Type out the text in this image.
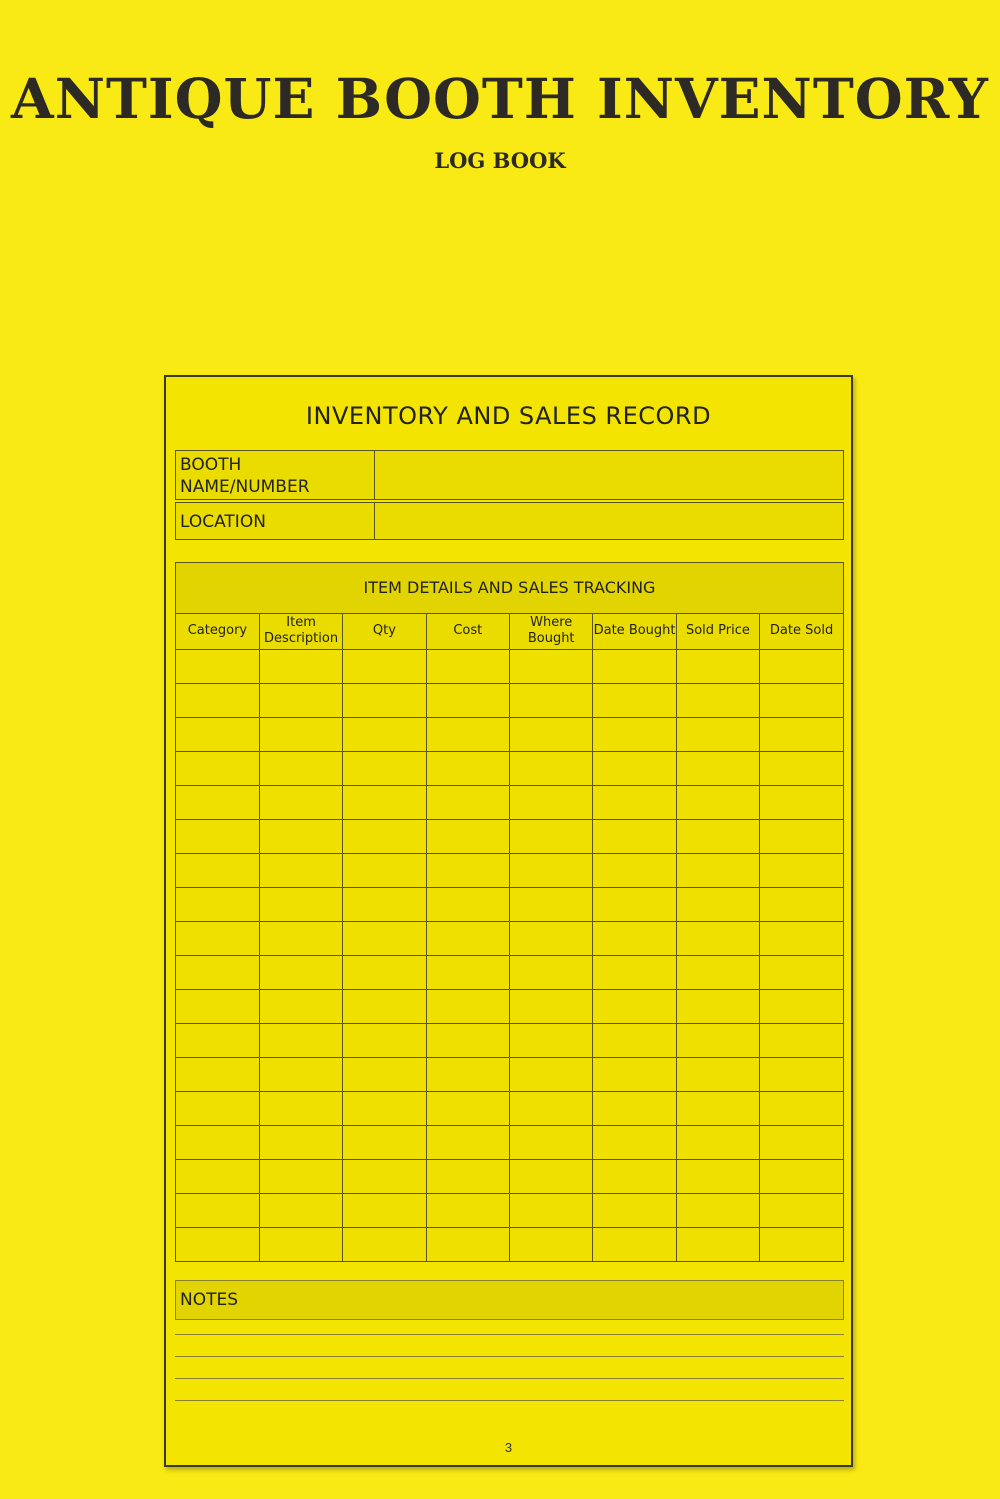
ANTIQUE BOOTH INVENTORY
LOG BOOK
INVENTORY AND SALES RECORD
BOOTH NAME/NUMBER
LOCATION
ITEM DETAILS AND SALES TRACKING
Category	Item Description	Qty	Cost	Where Bought	Date Bought	Sold Price	Date Sold

NOTES
3
